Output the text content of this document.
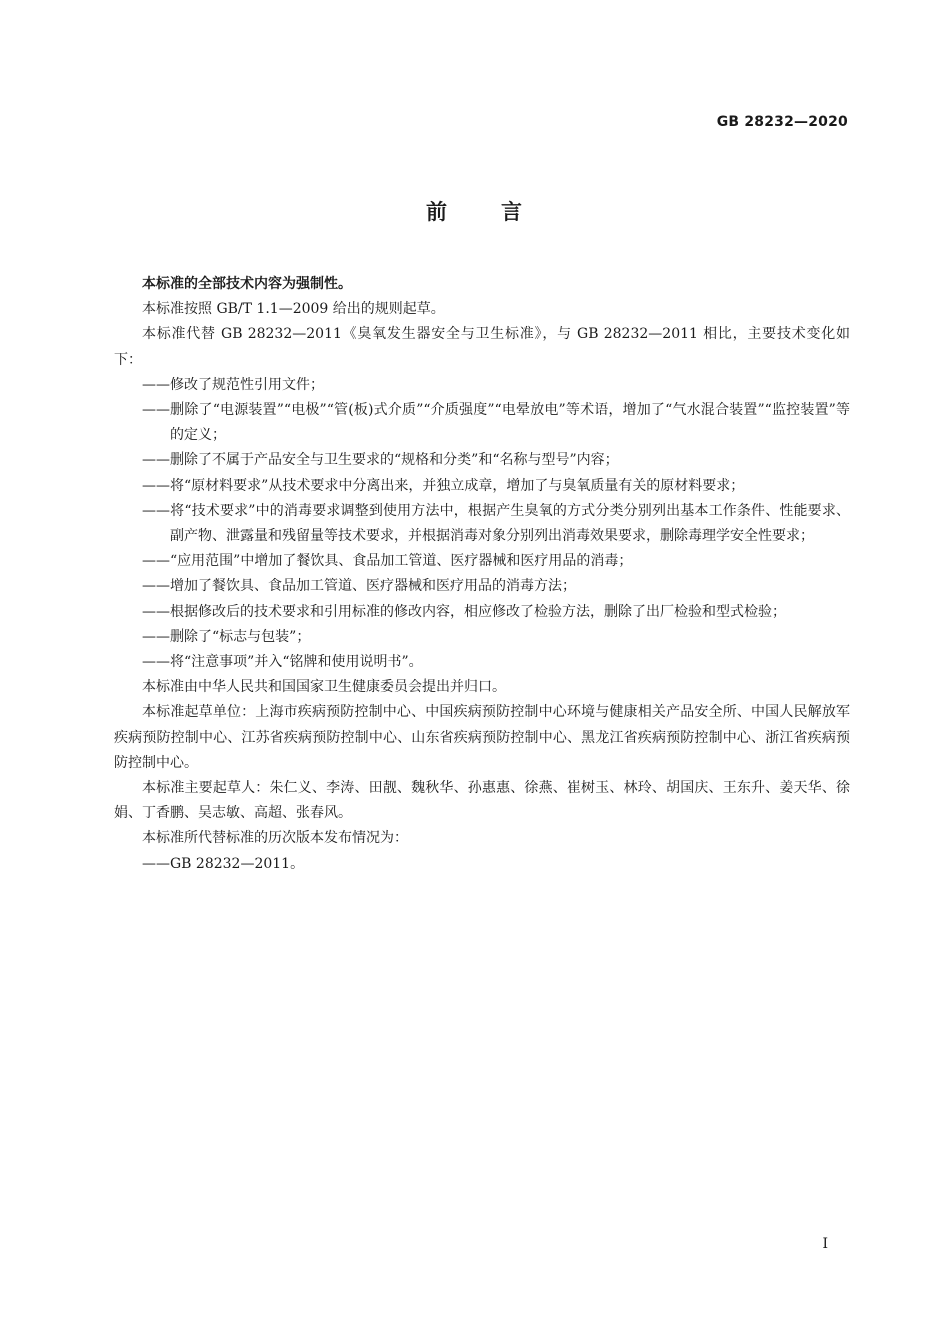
GB 28232—2020
前 言
本标准的全部技术内容为强制性。
本标准按照 GB/T 1.1—2009 给出的规则起草。
本标准代替 GB 28232—2011《臭氧发生器安全与卫生标准》，与 GB 28232—2011 相比，主要技术变化如下：
——修改了规范性引用文件；
——删除了“电源装置”“电极”“管(板)式介质”“介质强度”“电晕放电”等术语，增加了“气水混合装置”“监控装置”等的定义；
——删除了不属于产品安全与卫生要求的“规格和分类”和“名称与型号”内容；
——将“原材料要求”从技术要求中分离出来，并独立成章，增加了与臭氧质量有关的原材料要求；
——将“技术要求”中的消毒要求调整到使用方法中，根据产生臭氧的方式分类分别列出基本工作条件、性能要求、副产物、泄露量和残留量等技术要求，并根据消毒对象分别列出消毒效果要求，删除毒理学安全性要求；
——“应用范围”中增加了餐饮具、食品加工管道、医疗器械和医疗用品的消毒；
——增加了餐饮具、食品加工管道、医疗器械和医疗用品的消毒方法；
——根据修改后的技术要求和引用标准的修改内容，相应修改了检验方法，删除了出厂检验和型式检验；
——删除了“标志与包装”；
——将“注意事项”并入“铭牌和使用说明书”。
本标准由中华人民共和国国家卫生健康委员会提出并归口。
本标准起草单位：上海市疾病预防控制中心、中国疾病预防控制中心环境与健康相关产品安全所、中国人民解放军疾病预防控制中心、江苏省疾病预防控制中心、山东省疾病预防控制中心、黑龙江省疾病预防控制中心、浙江省疾病预防控制中心。
本标准主要起草人：朱仁义、李涛、田靓、魏秋华、孙惠惠、徐燕、崔树玉、林玲、胡国庆、王东升、姜天华、徐娟、丁香鹏、吴志敏、高超、张春风。
本标准所代替标准的历次版本发布情况为：
——GB 28232—2011。
I
